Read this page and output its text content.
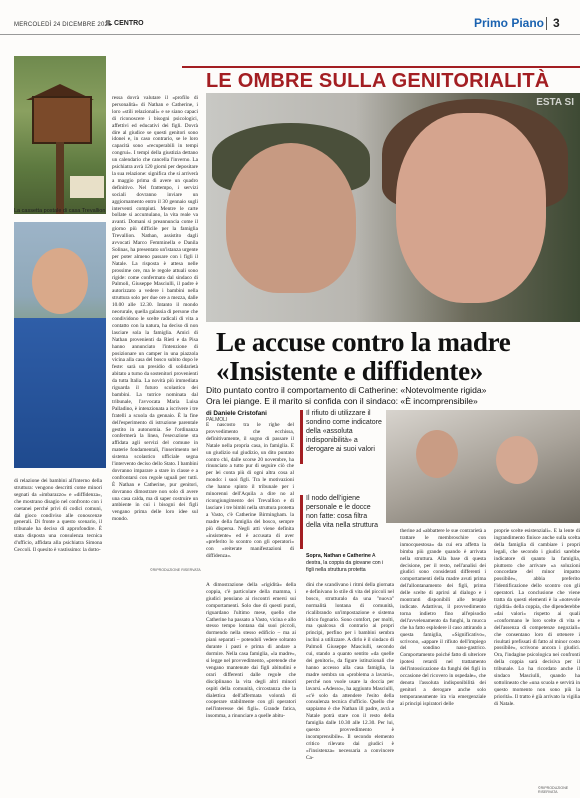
MERCOLEDÌ 24 DICEMBRE 2025
IL CENTRO	Primo Piano 3
LE OMBRE SULLA GENITORIALITÀ
La cassetta postale di casa Trevallion
ESTA SI
Le accuse contro la madre
«Insistente e diffidente»
Dito puntato contro il comportamento di Catherine: «Notevolmente rigida»
Ora lei piange. E il marito si confida con il sindaco: «È incomprensibile»
di Daniele Cristofani
PALMOLI
Il rifiuto di utilizzare il sondino come indicatore della «assoluta indisponibilità» a derogare ai suoi valori
Il nodo dell'igiene personale e le docce non fatte: cosa filtra della vita nella struttura
Sopra, Nathan e Catherine A destra, la coppia da giovane con i figli nella struttura protetta
di relazione dei bambini all'interno della struttura: vengono descritti come minori segnati da «imbarazzo» e «diffidenza», che mostrano disagio nel confronto con i coetanei perché privi di codici comuni, dal gioco condiviso alle conoscenze generali. Di fronte a questo scenario, il tribunale ha deciso di approfondire. È stata disposta una consulenza tecnica d'ufficio, affidata alla psichiatra Simona Ceccoli. Il quesito è vastissimo: la dotto-
ressa dovrà valutare il «profilo di personalità» di Nathan e Catherine, i loro «stili relazionali» e se siano capaci di riconoscere i bisogni psicologici, affettivi ed educativi dei figli. Dovrà dire al giudice se questi genitori sono idonei e, in caso contrario, se le loro capacità sono «recuperabili in tempi congrui». I tempi della giustizia dettano un calendario che cancella l'inverno. La psichiatra avrà 120 giorni per depositare la sua relazione: significa che si arriverà a maggio prima di avere un quadro definitivo. Nel frattempo, i servizi sociali dovranno inviare un aggiornamento entro il 30 gennaio sugli interventi compiuti. Mentre le carte bollate si accumulano, la vita reale va avanti. Domani si preannuncia come il giorno più difficile per la famiglia Trevallion. Nathan, assistito dagli avvocati Marco Femminella e Danila Solinas, ha presentato un'istanza urgente per poter almeno passare con i figli il Natale. La risposta è attesa nelle prossime ore, ma le regole attuali sono rigide: come confermato dal sindaco di Palmoli, Giuseppe Masciulli, il padre è autorizzato a vedere i bambini nella struttura solo per due ore a mezza, dalle 10.00 alle 12.30. Intanto il mondo neorurale, quella galassia di persone che condividono le scelte radicali di vita a contatto con la natura, ha deciso di non lasciare sola la famiglia. Amici di Nathan provenienti da Rieti e da Pisa hanno annunciato l'intenzione di posizionare un camper in una piazzola vicina alla casa del bosco subito dopo le feste: sarà un presidio di solidarietà abitato a turno da sostenitori provenienti da tutta Italia. La novità più immediata riguarda il futuro scolastico dei bambini. La tutrice nominata dal tribunale, l'avvocata Maria Luisa Palladino, è intenzionata a iscrivere i tre fratelli a scuola da gennaio. È la fine dell'esperimento di istruzione parentale gestito in autonomia. Se l'ordinanza confermerà la linea, l'esecuzione sta affidata agli servizi del comune in materie fondamentali, l'inserimento nel sistema scolastico ufficiale segna l'intervento deciso dello Stato. I bambini dovranno imparare a stare in classe e a confrontarsi con regole uguali per tutti. È Nathan e Catherine, pur genitori, dovranno dimostrare non solo di avere una casa calda, ma di saper costruire un ambiente in cui i bisogni dei figli vengano prima delle loro idee sul mondo.
©RIPRODUZIONE RISERVATA
È nascosto tra le righe del provvedimento che ecchissa, definitivamente, il sogno di passare il Natale nella propria casa, in famiglia. E un giudizio sul giudizio, un dito puntato contro chi, dalle scorse 20 novembre, ha rinunciato a tutto pur di seguire ciò che per lei conta più di ogni altra cosa al mondo: i suoi figli. Tra le motivazioni che hanno spinto il tribunale per i minorenni dell'Aquila a dire no al ricongiungimento dei Trevallion e di lasciare i tre bimbi nella struttura protetta a Vasto, c'è Catherine Birmingham. la madre della famiglia del bosco, sempre più dispersa. Negli atti viene definita «insistente» ed è accusata di aver «preferito lo scontro con gli operatori» con «reiterate manifestazioni di diffidenza».
A dimostrazione della «rigidità» della coppia, c'è particolare della mamma, i giudici pensiano ai riscontri emersi sui comportamenti. Solo due di questi punti, riguardano l'ultimo mese, quello che Catherine ha passato a Vasto, vicina e allo stesso tempo lontana dai suoi piccoli, dormendo nella stesso edificio – ma ai piani separati – potendoli vedere soltanto durante i pasti e prima di andare a dormire. Nella casa famiglia, «la madre», si legge nel provvedimento, «pretende che vengano mantenute dai figli abitudini e orari differenti dalle regole che disciplinano la vita degli altri minori ospiti della comunità, circostanza che la dialettica dell'affermata volontà di cooperare stabilmente con gli operatori nell'interesse dei figli». Grande fatica, insomma, a rinunciare a quelle abitu-
dini che scandivano i ritmi della giornata e definivano lo stile di vita del piccoli nel bosco, strutturalo da una "nuova" normalità lontana di comunità, ricalibrando un'impostazione e sistema idrico fognario. Sono comfort, per molti, ma qualcosa di contrario ai propri principi, perfino per i bambini sembra inclini a utilizzare. A dirlo è il sindaco di Palmoli Giuseppe Masciulli, secondo cui, stando a quanto sentito «da quelle dei genitori», da figure istituzionali che hanno accesso alla casa famiglia, la madre sembra un «problema a lavarsi», perché non vuole usare la doccia per lavarsi. «Adesso», ha aggiunto Masciulli, «c'è solo da attendere l'esito della consulenza tecnica d'ufficio. Quello che sappiamo è che Nathan ill padre, avrà a Natale potrà stare con il resto della famiglia dalle 10.30 alle 12.30. Per lui, questo provvedimento è incomprensibile». Il secondo elemento critico rilevato dai giudici è «l'insistenza» necessaria a convincere Ca-
therine ad «abbattere le sue contrarietà a trattare le membroschire con inmocquestosa» da cui era affetta la bimba più grande quando è arrivata nella struttura. Alla base di questa decisione, per il resto, nell'analisi dei giudici sono considerati differenti i comportamenti della madre avuti prima dell'allontanamento dei figli, prima delle scelte di aprirsi al dialogo e i montranti disponibili alle terapie indicate. Adattivus, il provvedimento torna indietro fino all'episodio dell'avvelenamento da funghi, la mucca che ha fatto esplodere il caso attirando a questa famiglia, «Significativo», scrivono, «appare il rifiuto dell'impiego del sondino naso-gastrico. Comportamento poiché fatto di ulteriore ipotesi retardi nel trattamento dell'intossicazione da funghi dei figli in occasione del ricovero in ospedale», che denota l'assoluta indisponibilità dei genitori a derogare anche solo temporaneamente ira via emergenziale ai principi ispiratori delle
proprie scelte esistenziali». E la lente di ingrandimento finisce anche sulla scelta della famiglia di cambiare i propri legali, che secondo i giudici sarebbe indicatore di quanto la famiglia, piuttosto che arrivare «a soluzioni concordate del minor impatto possibile», abbia preferito l'identificazione dello scontro con gli operatori. La conclusione che viene tratta da questi elementi è la «notevole rigidità» della coppia, che dipenderebbe «dai valori» rispetto ai quali «conformano le loro scelte di vita e dell'assenza di competenze negoziali» che consentano loro di ottenere i risultati prefissati di fatto al minor costo possibile», scrivono ancora i giudici. Ora, l'indagine psicologica nei confronti della coppia sarà decisiva per il tribunale. Lo ha ricordato anche il sindaco Masciulli, quando ha sottolineato che «una scuola e servirà in questo momento non sono più la priorità». Il tratto è già arrivato la vigilia di Natale.
©RIPRODUZIONE RISERVATA
